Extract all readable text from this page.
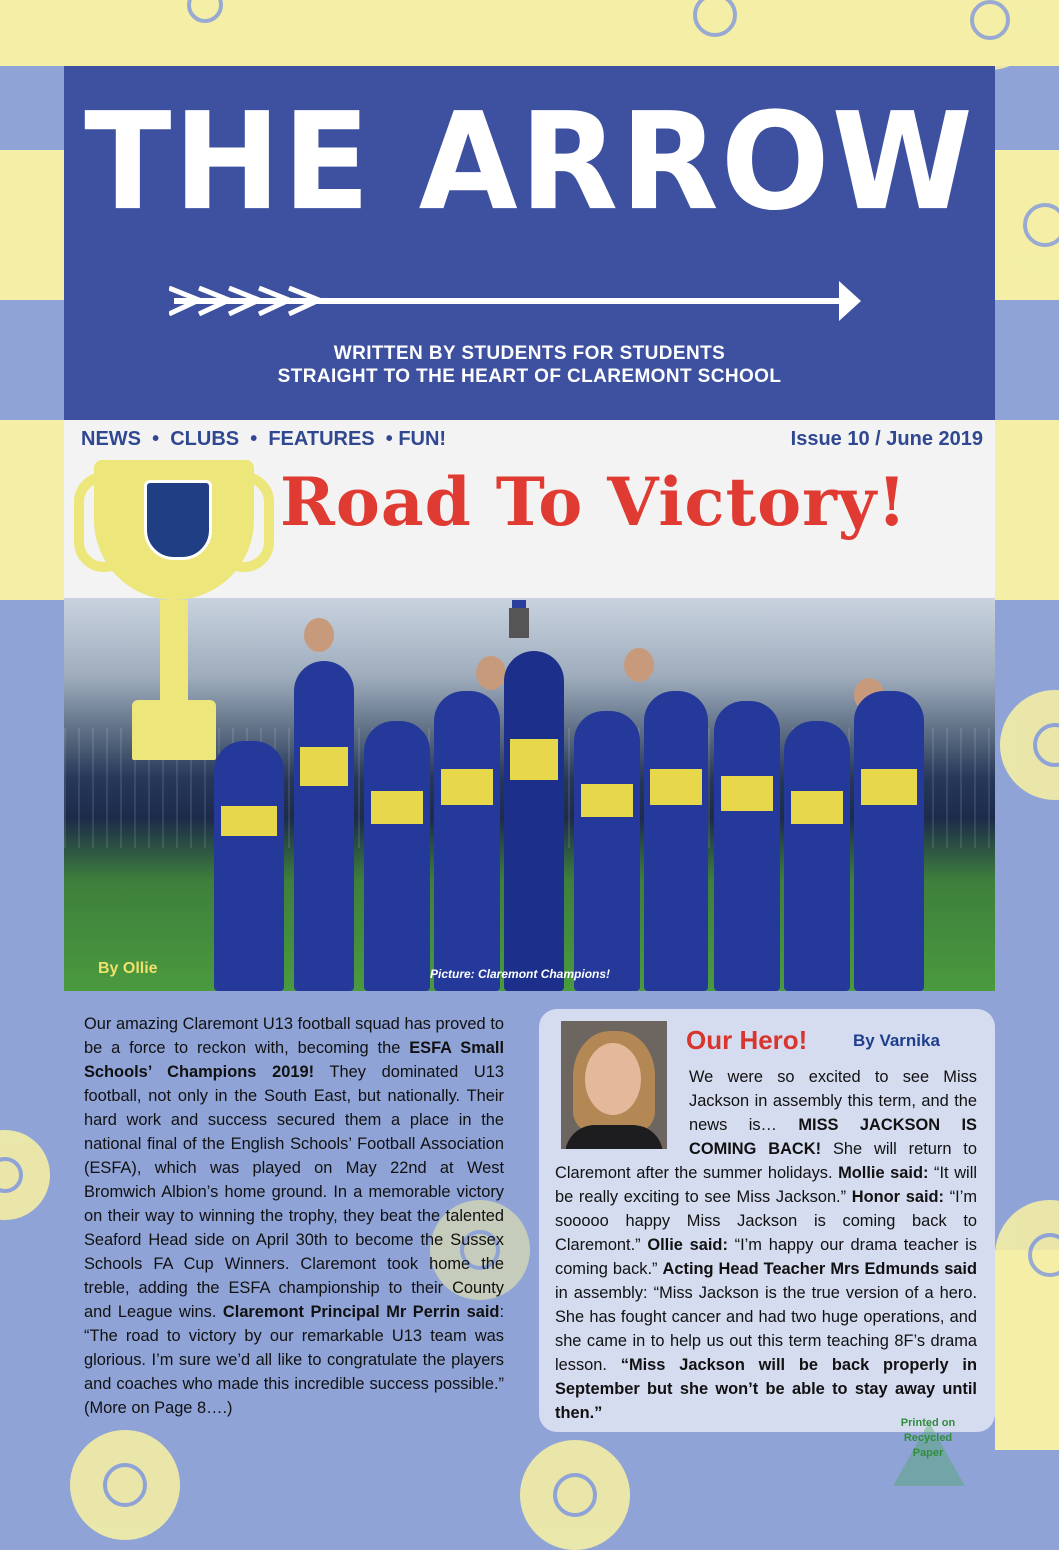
THE ARROW
WRITTEN BY STUDENTS FOR STUDENTS
STRAIGHT TO THE HEART OF CLAREMONT SCHOOL
NEWS  •  CLUBS  •  FEATURES  • FUN!	Issue 10 / June 2019
Road To Victory!
By Ollie	Picture: Claremont Champions!
Our amazing Claremont U13 football squad has proved to be a force to reckon with, becoming the ESFA Small Schools’ Champions 2019! They dominated U13 football, not only in the South East, but nationally. Their hard work and success secured them a place in the national final of the English Schools’ Football Association (ESFA), which was played on May 22nd at West Bromwich Albion’s home ground. In a memorable victory on their way to winning the trophy, they beat the talented Seaford Head side on April 30th to become the Sussex Schools FA Cup Winners. Claremont took home the treble, adding the ESFA championship to their County and League wins. Claremont Principal Mr Perrin said: “The road to victory by our remarkable U13 team was glorious. I’m sure we’d all like to congratulate the players and coaches who made this incredible success possible.” (More on Page 8….)
Our Hero!	By Varnika
We were so excited to see Miss Jackson in assembly this term, and the news is… MISS JACKSON IS COMING BACK! She will return to Claremont after the summer holidays. Mollie said: “It will be really exciting to see Miss Jackson.” Honor said: “I’m sooooo happy Miss Jackson is coming back to Claremont.” Ollie said: “I’m happy our drama teacher is coming back.” Acting Head Teacher Mrs Edmunds said in assembly: “Miss Jackson is the true version of a hero. She has fought cancer and had two huge operations, and she came in to help us out this term teaching 8F’s drama lesson. “Miss Jackson will be back properly in September but she won’t be able to stay away until then.”
Printed on
Recycled
Paper
